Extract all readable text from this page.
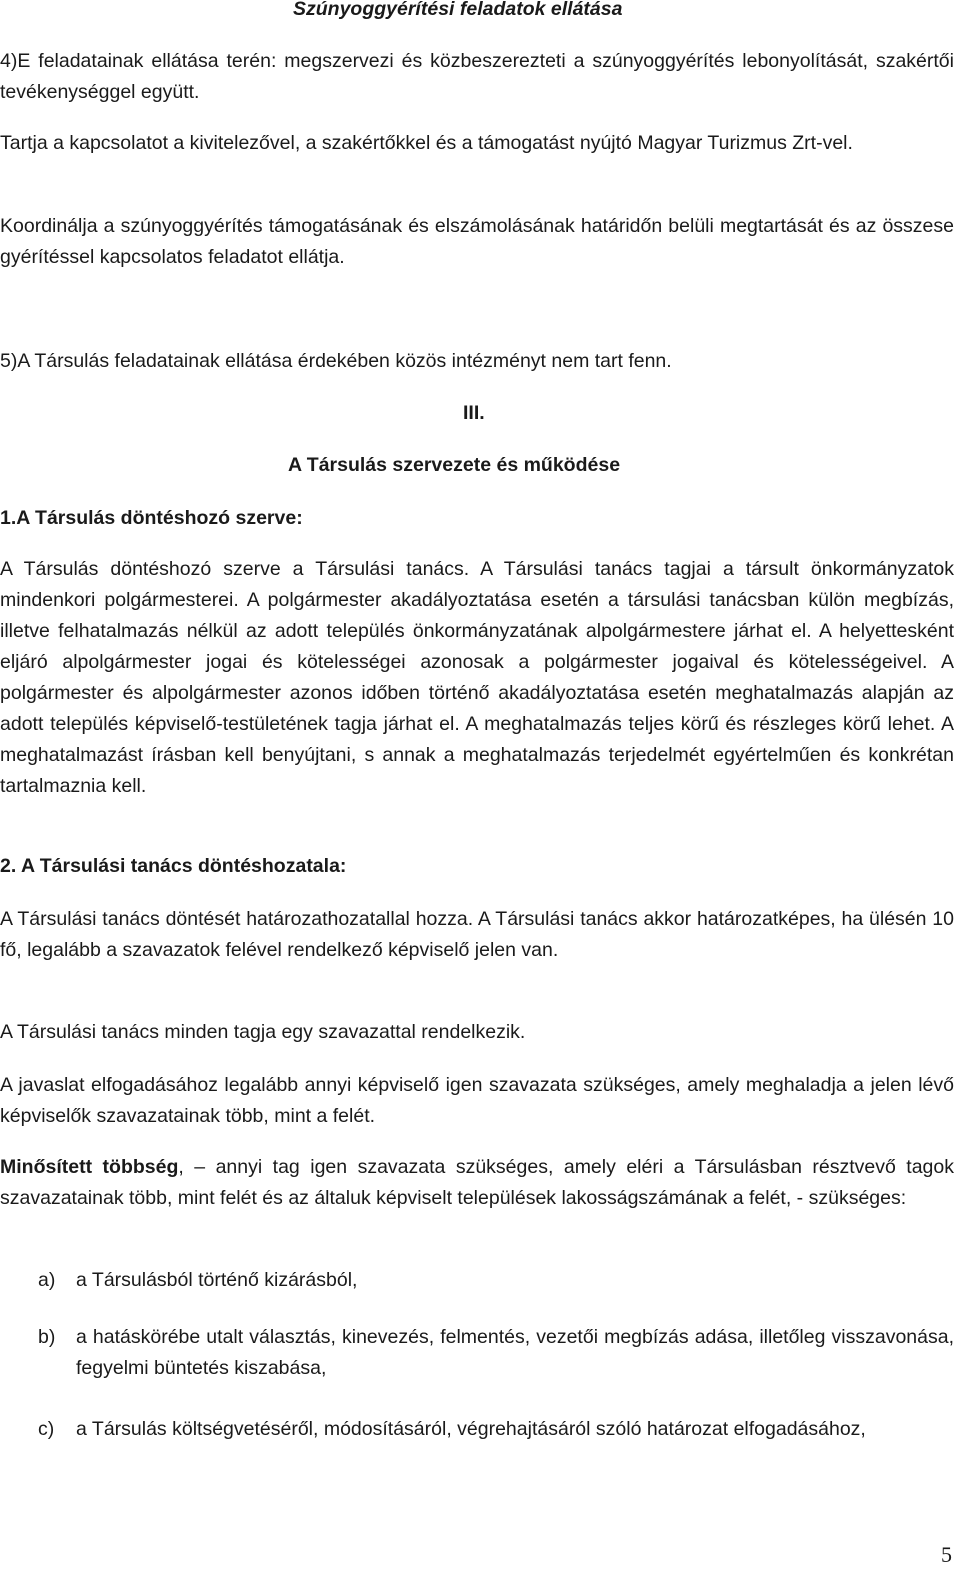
Szúnyoggyérítési feladatok ellátása

4)E feladatainak ellátása terén: megszervezi és közbeszerezteti a szúnyoggyérítés lebonyolítását, szakértői tevékenységgel együtt.

Tartja a kapcsolatot a kivitelezővel, a szakértőkkel és a támogatást nyújtó Magyar Turizmus Zrt-vel.

Koordinálja a szúnyoggyérítés támogatásának és elszámolásának határidőn belüli megtartását és az összese gyérítéssel kapcsolatos feladatot ellátja.

5)A Társulás feladatainak ellátása érdekében közös intézményt nem tart fenn.

III.

A Társulás szervezete és működése

1.A Társulás döntéshozó szerve:

A Társulás döntéshozó szerve a Társulási tanács. A Társulási tanács tagjai a társult önkormányzatok mindenkori polgármesterei. A polgármester akadályoztatása esetén a társulási tanácsban külön megbízás, illetve felhatalmazás nélkül az adott település önkormányzatának alpolgármestere járhat el. A helyettesként eljáró alpolgármester jogai és kötelességei azonosak a polgármester jogaival és kötelességeivel. A polgármester és alpolgármester azonos időben történő akadályoztatása esetén meghatalmazás alapján az adott település képviselő-testületének tagja járhat el. A meghatalmazás teljes körű és részleges körű lehet. A meghatalmazást írásban kell benyújtani, s annak a meghatalmazás terjedelmét egyértelműen és konkrétan tartalmaznia kell.

2. A Társulási tanács döntéshozatala:

A Társulási tanács döntését határozathozatallal hozza. A Társulási tanács akkor határozatképes, ha ülésén 10 fő, legalább a szavazatok felével rendelkező képviselő jelen van.

A Társulási tanács minden tagja egy szavazattal rendelkezik.

A javaslat elfogadásához legalább annyi képviselő igen szavazata szükséges, amely meghaladja a jelen lévő képviselők szavazatainak több, mint a felét.

Minősített többség, – annyi tag igen szavazata szükséges, amely eléri a Társulásban résztvevő tagok szavazatainak több, mint felét és az általuk képviselt települések lakosságszámának a felét, - szükséges:

a) a Társulásból történő kizárásból,
b) a hatáskörébe utalt választás, kinevezés, felmentés, vezetői megbízás adása, illetőleg visszavonása, fegyelmi büntetés kiszabása,
c) a Társulás költségvetéséről, módosításáról, végrehajtásáról szóló határozat elfogadásához,
5
